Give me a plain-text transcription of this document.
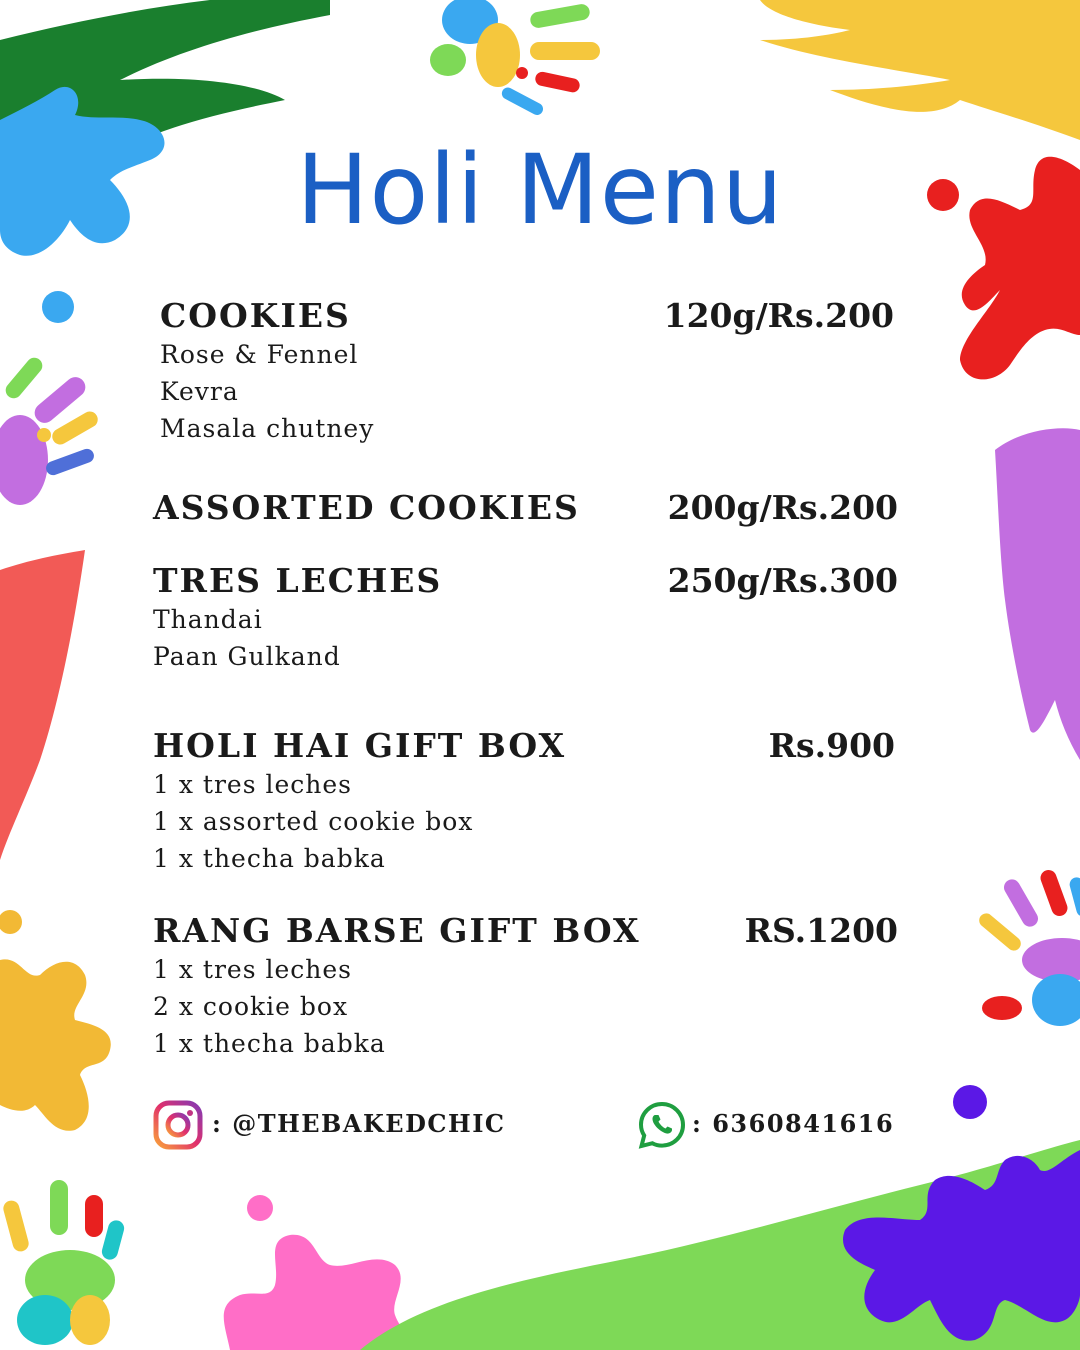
Holi Menu
COOKIES	120g/Rs.200
Rose & Fennel
Kevra
Masala chutney
ASSORTED COOKIES	200g/Rs.200
TRES LECHES	250g/Rs.300
Thandai
Paan Gulkand
HOLI HAI GIFT BOX	Rs.900
1 x tres leches
1 x assorted cookie box
1 x thecha babka
RANG BARSE GIFT BOX	RS.1200
1 x tres leches
2 x cookie box
1 x thecha babka
: @THEBAKEDCHIC	: 6360841616
